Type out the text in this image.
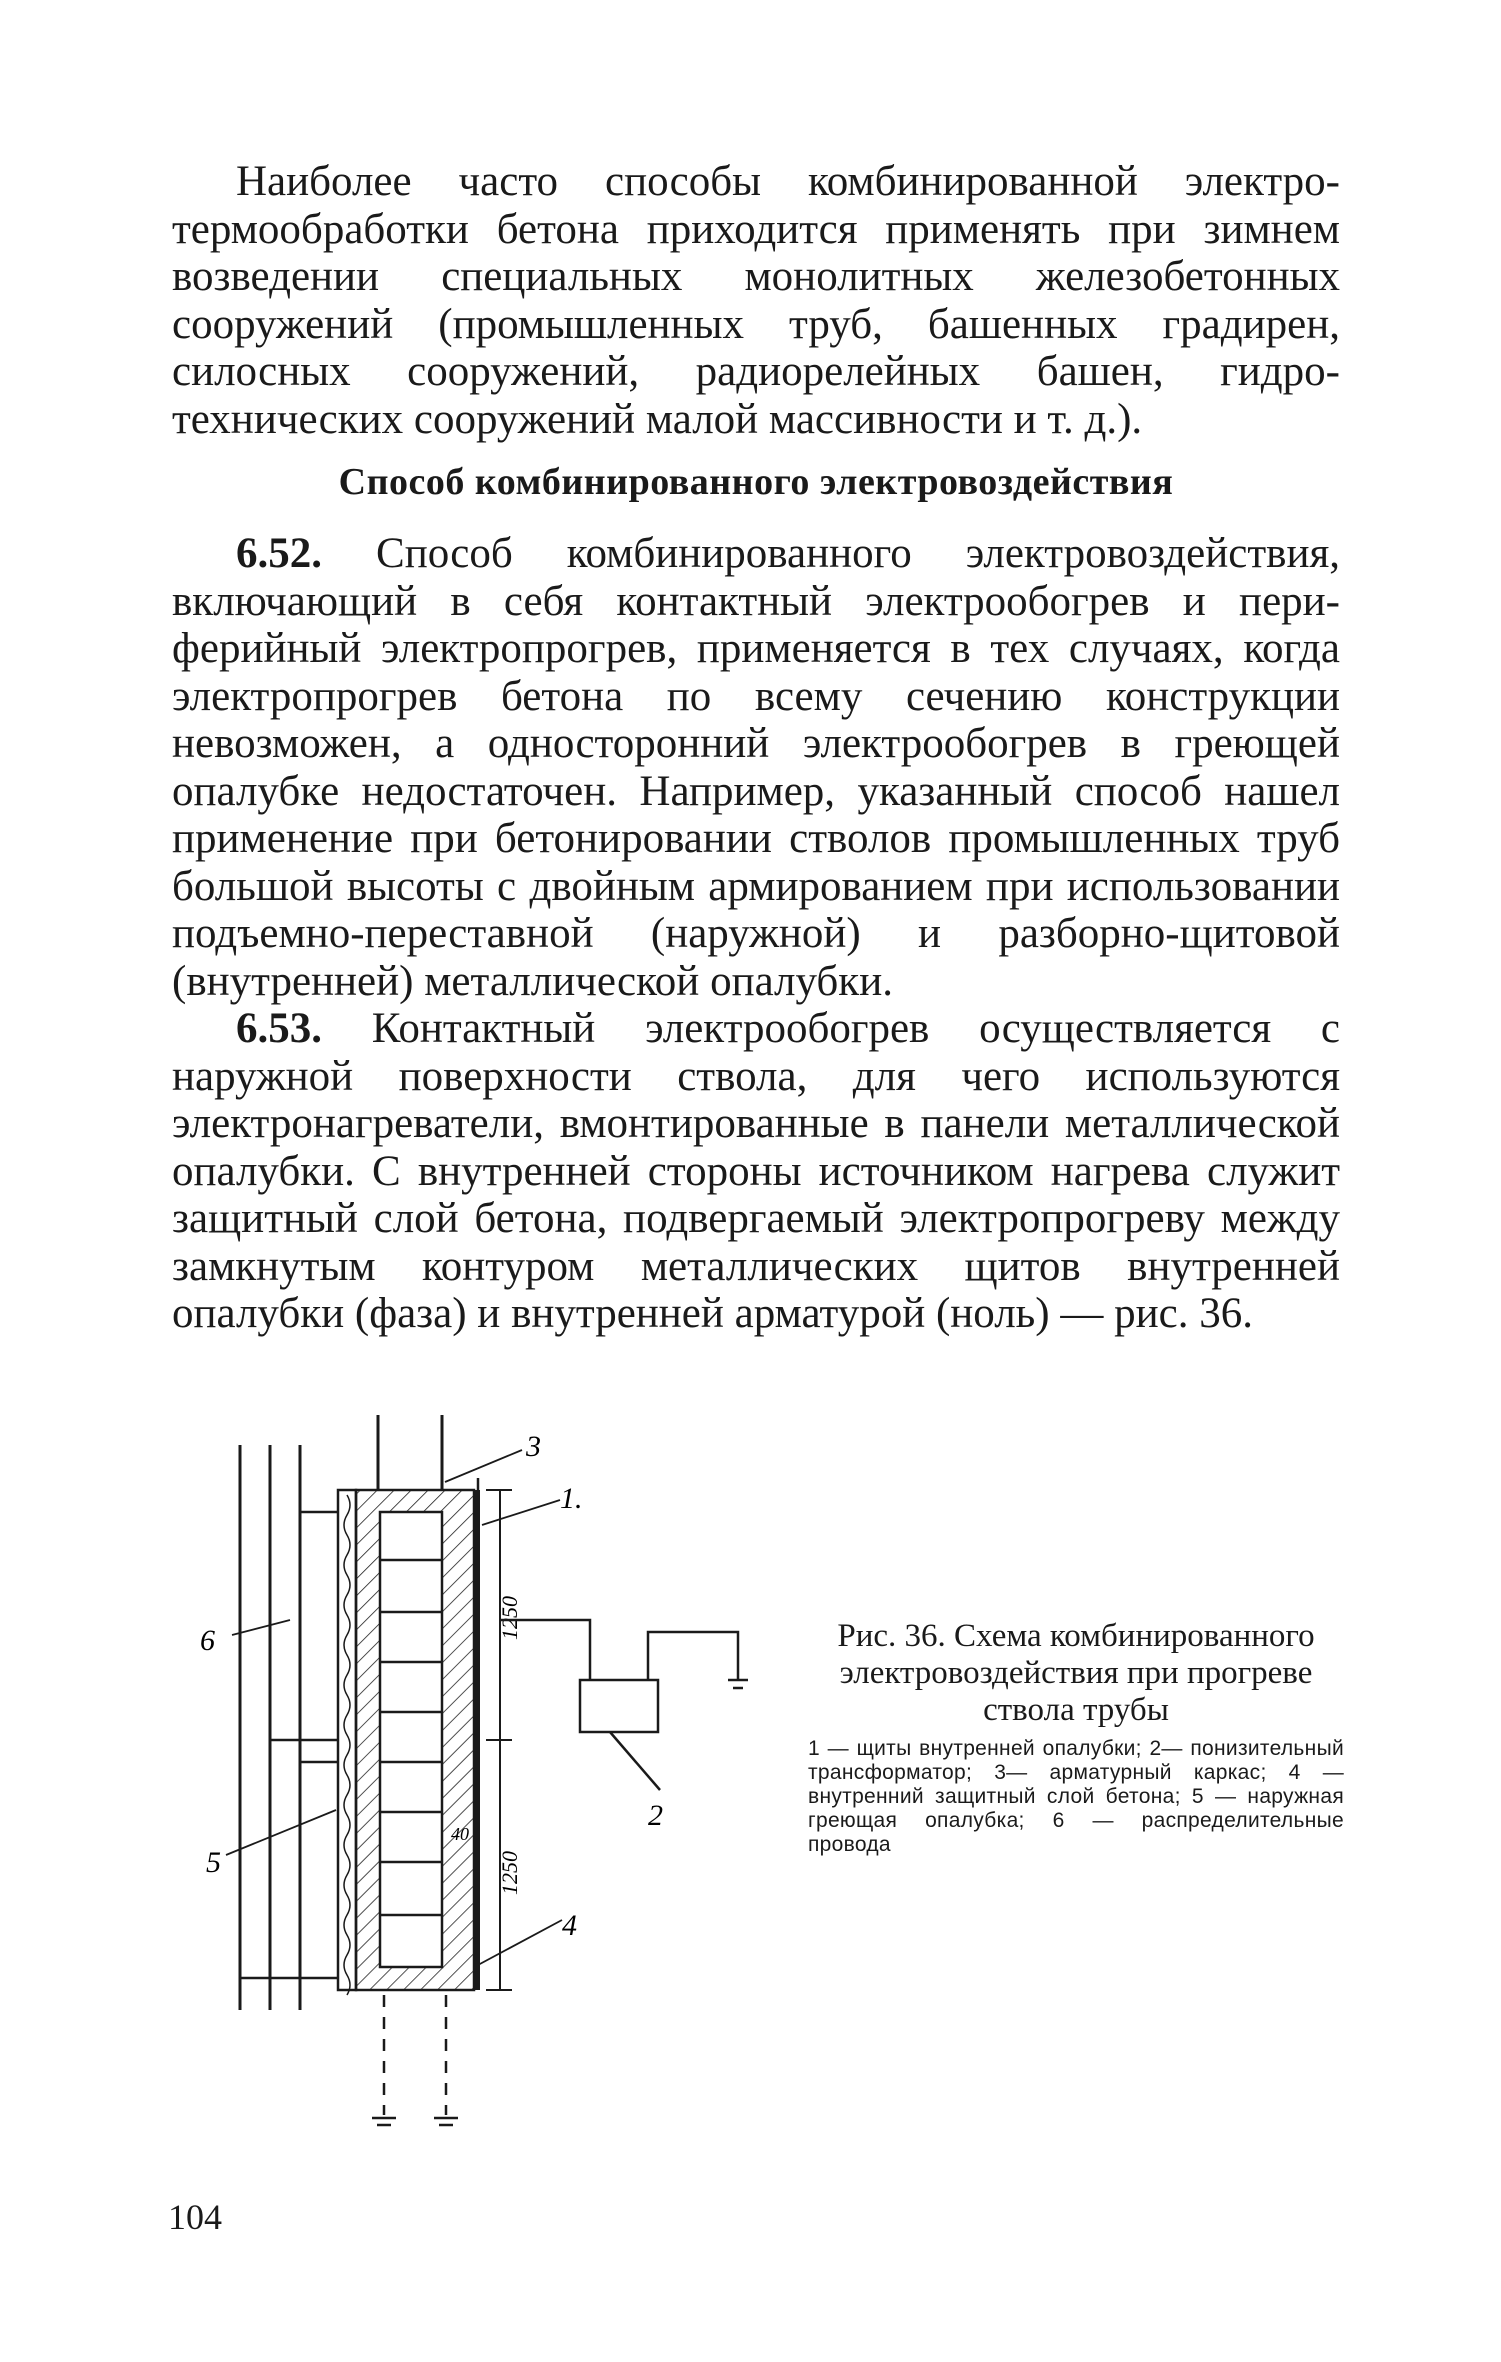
Наиболее часто способы комбинированной электротермообработки бетона приходится применять при зимнем возведении специальных монолитных железобетонных сооружений (промышленных труб, башенных градирен, силосных сооружений, радиорелейных башен, гидротехнических сооружений малой массивности и т. д.).

Способ комбинированного электровоздействия

6.52. Способ комбинированного электровоздействия, включающий в себя контактный электрообогрев и периферийный электропрогрев, применяется в тех случаях, когда электропрогрев бетона по всему сечению конструкции невозможен, а односторонний электрообогрев в греющей опалубке недостаточен. Например, указанный способ нашел применение при бетонировании стволов промышленных труб большой высоты с двойным армированием при использовании подъемно-переставной (наружной) и разборно-щитовой (внутренней) металлической опалубки.

6.53. Контактный электрообогрев осуществляется с наружной поверхности ствола, для чего используются электронагреватели, вмонтированные в панели металлической опалубки. С внутренней стороны источником нагрева служит защитный слой бетона, подвергаемый электропрогреву между замкнутым контуром металлических щитов внутренней опалубки (фаза) и внутренней арматурой (ноль) — рис. 36.

1250
1250
40
3
1.
2
4
5
6	Рис. 36. Схема комбинированного электровоздействия при прогреве ствола трубы

1 — щиты внутренней опалубки; 2— понизительный трансформатор; 3— арматурный каркас; 4 — внутренний защитный слой бетона; 5 — наружная греющая опалубка; 6 — распределительные провода

104
